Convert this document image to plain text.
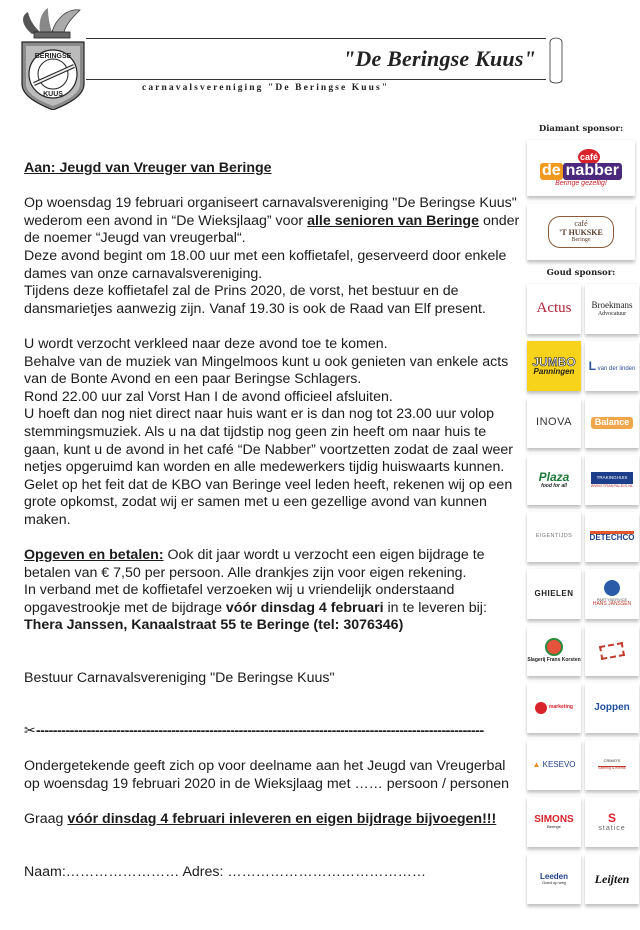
BERINGSE
KUUS
"De Beringse Kuus"
carnavalsvereniging "De Beringse Kuus"

Aan: Jeugd van Vreuger van Beringe

Op woensdag 19 februari organiseert carnavalsvereniging "De Beringse Kuus" wederom een avond in “De Wieksjlaag” voor alle senioren van Beringe onder de noemer “Jeugd van vreugerbal“.

Deze avond begint om 18.00 uur met een koffietafel, geserveerd door enkele dames van onze carnavalsvereniging.

Tijdens deze koffietafel zal de Prins 2020, de vorst, het bestuur en de dansmarietjes aanwezig zijn. Vanaf 19.30 is ook de Raad van Elf present.

U wordt verzocht verkleed naar deze avond toe te komen.

Behalve van de muziek van Mingelmoos kunt u ook genieten van enkele acts van de Bonte Avond en een paar Beringse Schlagers.

Rond 22.00 uur zal Vorst Han I de avond officieel afsluiten.

U hoeft dan nog niet direct naar huis want er is dan nog tot 23.00 uur volop stemmingsmuziek. Als u na dat tijdstip nog geen zin heeft om naar huis te gaan, kunt u de avond in het café “De Nabber” voortzetten zodat de zaal weer netjes opgeruimd kan worden en alle medewerkers tijdig huiswaarts kunnen. Gelet op het feit dat de KBO van Beringe veel leden heeft, rekenen wij op een grote opkomst, zodat wij er samen met u een gezellige avond van kunnen maken.

Opgeven en betalen: Ook dit jaar wordt u verzocht een eigen bijdrage te betalen van € 7,50 per persoon. Alle drankjes zijn voor eigen rekening.

In verband met de koffietafel verzoeken wij u vriendelijk onderstaand opgavestrookje met de bijdrage vóór dinsdag 4 februari in te leveren bij:

Thera Janssen, Kanaalstraat 55 te Beringe (tel: 3076346)

Bestuur Carnavalsvereniging "De Beringse Kuus"

✂ ----------------------------------------------------------------------------------------------------------

Ondergetekende geeft zich op voor deelname aan het Jeugd van Vreugerbal op woensdag 19 februari 2020 in de Wieksjlaag met …… persoon / personen

Graag vóór dinsdag 4 februari inleveren en eigen bijdrage bijvoegen!!!

Naam:…………………… Adres: ……………………………………

Diamant sponsor:
café
de nabber
Beringe gezellig!
café
'T HUKSKE
Beringe
Goud sponsor:
Actus Broekmans
Advocatuur
JUMBO
Panningen L van der linden
INOVA	Balance
Plaza
food for all
TRAKINGHUIS
WWW.TRAKPALEIS.NL
EIGENTIJDS DETECHCO
GHIELEN
PARTYSERVICE
HANS JANSSEN
Slagerij Frans Korsten
marketing Joppen
▲ KESEVO	CRIMO'S
catering & events
SIMONS
Beringe
S
statice
Leeden
Goed op weg Leijten
